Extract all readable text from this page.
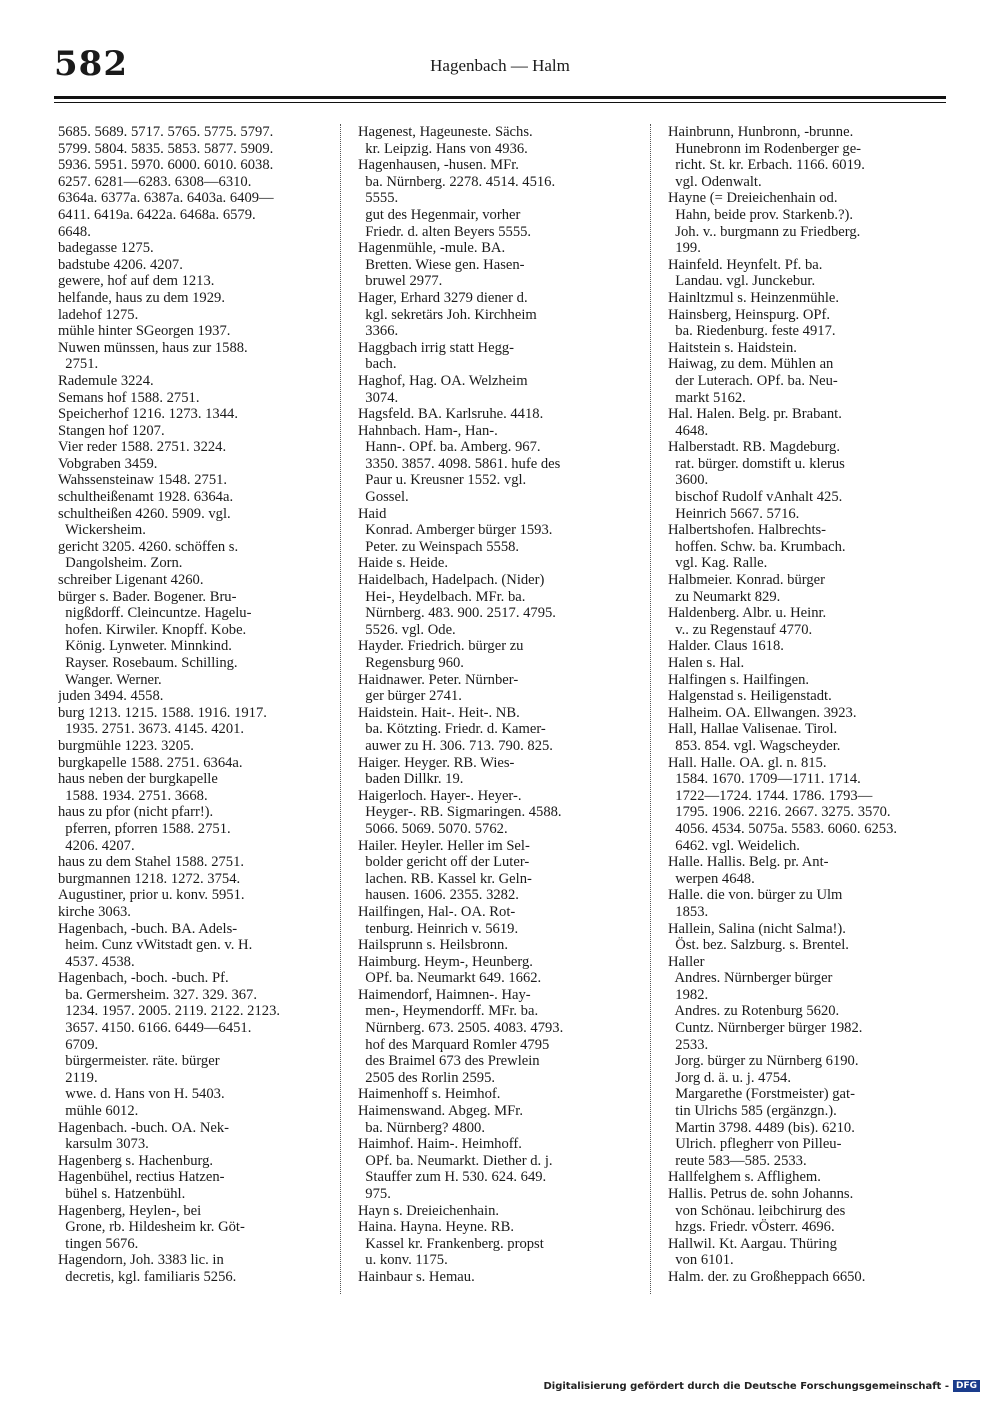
582	Hagenbach — Halm
5685. 5689. 5717. 5765. 5775. 5797.
5799. 5804. 5835. 5853. 5877. 5909.
5936. 5951. 5970. 6000. 6010. 6038.
6257. 6281—6283. 6308—6310.
6364a. 6377a. 6387a. 6403a. 6409—
6411. 6419a. 6422a. 6468a. 6579.
6648.
badegasse 1275.
badstube 4206. 4207.
gewere, hof auf dem 1213.
helfande, haus zu dem 1929.
ladehof 1275.
mühle hinter SGeorgen 1937.
Nuwen münssen, haus zur 1588.
2751.
Rademule 3224.
Semans hof 1588. 2751.
Speicherhof 1216. 1273. 1344.
Stangen hof 1207.
Vier reder 1588. 2751. 3224.
Vobgraben 3459.
Wahssensteinaw 1548. 2751.
schultheißenamt 1928. 6364a.
schultheißen 4260. 5909. vgl.
Wickersheim.
gericht 3205. 4260. schöffen s.
Dangolsheim. Zorn.
schreiber Ligenant 4260.
bürger s. Bader. Bogener. Bru-
nigßdorff. Cleincuntze. Hagelu-
hofen. Kirwiler. Knopff. Kobe.
König. Lynweter. Minnkind.
Rayser. Rosebaum. Schilling.
Wanger. Werner.
juden 3494. 4558.
burg 1213. 1215. 1588. 1916. 1917.
1935. 2751. 3673. 4145. 4201.
burgmühle 1223. 3205.
burgkapelle 1588. 2751. 6364a.
haus neben der burgkapelle
1588. 1934. 2751. 3668.
haus zu pfor (nicht pfarr!).
pferren, pforren 1588. 2751.
4206. 4207.
haus zu dem Stahel 1588. 2751.
burgmannen 1218. 1272. 3754.
Augustiner, prior u. konv. 5951.
kirche 3063.
Hagenbach, -buch. BA. Adels-
heim. Cunz vWitstadt gen. v. H.
4537. 4538.
Hagenbach, -boch. -buch. Pf.
ba. Germersheim. 327. 329. 367.
1234. 1957. 2005. 2119. 2122. 2123.
3657. 4150. 6166. 6449—6451.
6709.
bürgermeister. räte. bürger
2119.
wwe. d. Hans von H. 5403.
mühle 6012.
Hagenbach. -buch. OA. Nek-
karsulm 3073.
Hagenberg s. Hachenburg.
Hagenbühel, rectius Hatzen-
bühel s. Hatzenbühl.
Hagenberg, Heylen-, bei
Grone, rb. Hildesheim kr. Göt-
tingen 5676.
Hagendorn, Joh. 3383 lic. in
decretis, kgl. familiaris 5256.
Hagenest, Hageuneste. Sächs.
kr. Leipzig. Hans von 4936.
Hagenhausen, -husen. MFr.
ba. Nürnberg. 2278. 4514. 4516.
5555.
gut des Hegenmair, vorher
Friedr. d. alten Beyers 5555.
Hagenmühle, -mule. BA.
Bretten. Wiese gen. Hasen-
bruwel 2977.
Hager, Erhard 3279 diener d.
kgl. sekretärs Joh. Kirchheim
3366.
Haggbach irrig statt Hegg-
bach.
Haghof, Hag. OA. Welzheim
3074.
Hagsfeld. BA. Karlsruhe. 4418.
Hahnbach. Ham-, Han-.
Hann-. OPf. ba. Amberg. 967.
3350. 3857. 4098. 5861. hufe des
Paur u. Kreusner 1552. vgl.
Gossel.
Haid
Konrad. Amberger bürger 1593.
Peter. zu Weinspach 5558.
Haide s. Heide.
Haidelbach, Hadelpach. (Nider)
Hei-, Heydelbach. MFr. ba.
Nürnberg. 483. 900. 2517. 4795.
5526. vgl. Ode.
Hayder. Friedrich. bürger zu
Regensburg 960.
Haidnawer. Peter. Nürnber-
ger bürger 2741.
Haidstein. Hait-. Heit-. NB.
ba. Kötzting. Friedr. d. Kamer-
auwer zu H. 306. 713. 790. 825.
Haiger. Heyger. RB. Wies-
baden Dillkr. 19.
Haigerloch. Hayer-. Heyer-.
Heyger-. RB. Sigmaringen. 4588.
5066. 5069. 5070. 5762.
Hailer. Heyler. Heller im Sel-
bolder gericht off der Luter-
lachen. RB. Kassel kr. Geln-
hausen. 1606. 2355. 3282.
Hailfingen, Hal-. OA. Rot-
tenburg. Heinrich v. 5619.
Hailsprunn s. Heilsbronn.
Haimburg. Heym-, Heunberg.
OPf. ba. Neumarkt 649. 1662.
Haimendorf, Haimnen-. Hay-
men-, Heymendorff. MFr. ba.
Nürnberg. 673. 2505. 4083. 4793.
hof des Marquard Romler 4795
des Braimel 673 des Prewlein
2505 des Rorlin 2595.
Haimenhoff s. Heimhof.
Haimenswand. Abgeg. MFr.
ba. Nürnberg? 4800.
Haimhof. Haim-. Heimhoff.
OPf. ba. Neumarkt. Diether d. j.
Stauffer zum H. 530. 624. 649.
975.
Hayn s. Dreieichenhain.
Haina. Hayna. Heyne. RB.
Kassel kr. Frankenberg. propst
u. konv. 1175.
Hainbaur s. Hemau.
Hainbrunn, Hunbronn, -brunne.
Hunebronn im Rodenberger ge-
richt. St. kr. Erbach. 1166. 6019.
vgl. Odenwalt.
Hayne (= Dreieichenhain od.
Hahn, beide prov. Starkenb.?).
Joh. v.. burgmann zu Friedberg.
199.
Hainfeld. Heynfelt. Pf. ba.
Landau. vgl. Junckebur.
Hainltzmul s. Heinzenmühle.
Hainsberg, Heinspurg. OPf.
ba. Riedenburg. feste 4917.
Haitstein s. Haidstein.
Haiwag, zu dem. Mühlen an
der Luterach. OPf. ba. Neu-
markt 5162.
Hal. Halen. Belg. pr. Brabant.
4648.
Halberstadt. RB. Magdeburg.
rat. bürger. domstift u. klerus
3600.
bischof Rudolf vAnhalt 425.
Heinrich 5667. 5716.
Halbertshofen. Halbrechts-
hoffen. Schw. ba. Krumbach.
vgl. Kag. Ralle.
Halbmeier. Konrad. bürger
zu Neumarkt 829.
Haldenberg. Albr. u. Heinr.
v.. zu Regenstauf 4770.
Halder. Claus 1618.
Halen s. Hal.
Halfingen s. Hailfingen.
Halgenstad s. Heiligenstadt.
Halheim. OA. Ellwangen. 3923.
Hall, Hallae Valisenae. Tirol.
853. 854. vgl. Wagscheyder.
Hall. Halle. OA. gl. n. 815.
1584. 1670. 1709—1711. 1714.
1722—1724. 1744. 1786. 1793—
1795. 1906. 2216. 2667. 3275. 3570.
4056. 4534. 5075a. 5583. 6060. 6253.
6462. vgl. Weidelich.
Halle. Hallis. Belg. pr. Ant-
werpen 4648.
Halle. die von. bürger zu Ulm
1853.
Hallein, Salina (nicht Salma!).
Öst. bez. Salzburg. s. Brentel.
Haller
Andres. Nürnberger bürger
1982.
Andres. zu Rotenburg 5620.
Cuntz. Nürnberger bürger 1982.
2533.
Jorg. bürger zu Nürnberg 6190.
Jorg d. ä. u. j. 4754.
Margarethe (Forstmeister) gat-
tin Ulrichs 585 (ergänzgn.).
Martin 3798. 4489 (bis). 6210.
Ulrich. pflegherr von Pilleu-
reute 583—585. 2533.
Hallfelghem s. Afflighem.
Hallis. Petrus de. sohn Johanns.
von Schönau. leibchirurg des
hzgs. Friedr. vÖsterr. 4696.
Hallwil. Kt. Aargau. Thüring
von 6101.
Halm. der. zu Großheppach 6650.
Digitalisierung gefördert durch die Deutsche Forschungsgemeinschaft - DFG
